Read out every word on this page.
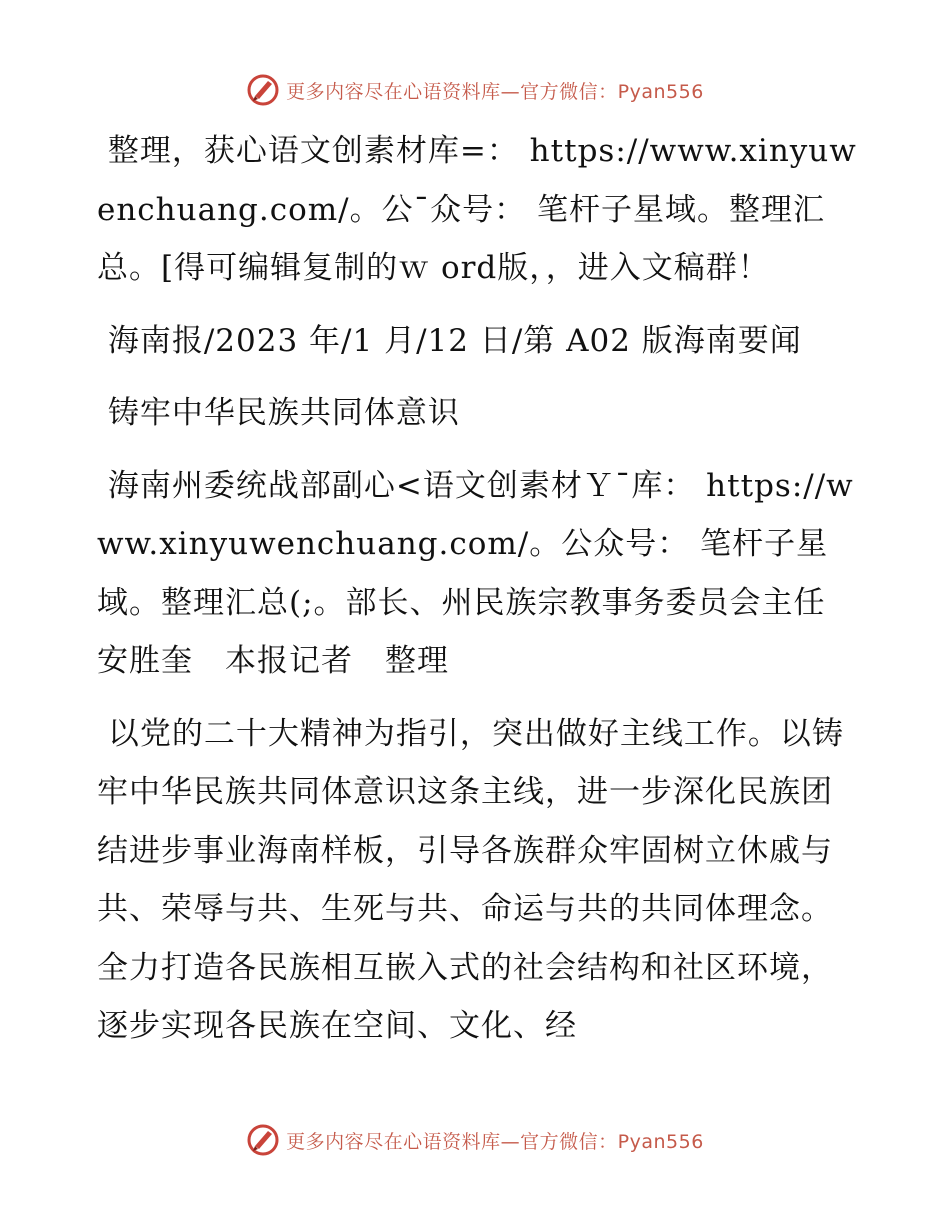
更多内容尽在心语资料库—官方微信：Pyan556

整理，获心语文创素材库=： https://www.xinyuwenchuang.com/。公¯众号： 笔杆子星域。整理汇总。[得可编辑复制的ｗ ord版，，进入文稿群！

海南报/2023 年/1 月/12 日/第 A02 版海南要闻

铸牢中华民族共同体意识

海南州委统战部副心<语文创素材Ｙ¯库： https://www.xinyuwenchuang.com/。公众号： 笔杆子星域。整理汇总(;。部长、州民族宗教事务委员会主任　安胜奎　本报记者　整理

以党的二十大精神为指引，突出做好主线工作。以铸牢中华民族共同体意识这条主线，进一步深化民族团结进步事业海南样板，引导各族群众牢固树立休戚与共、荣辱与共、生死与共、命运与共的共同体理念。全力打造各民族相互嵌入式的社会结构和社区环境，逐步实现各民族在空间、文化、经

更多内容尽在心语资料库—官方微信：Pyan556
